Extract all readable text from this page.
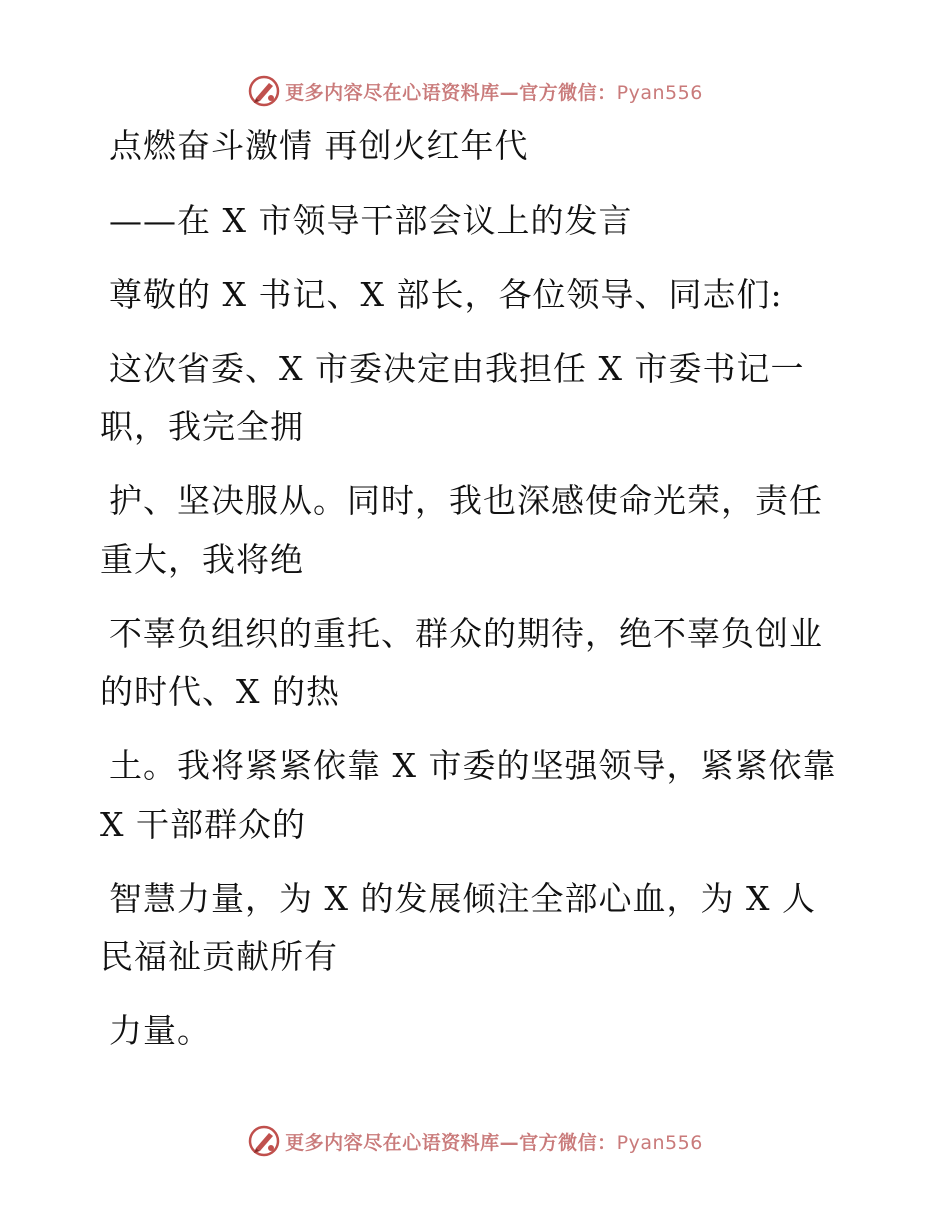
更多内容尽在心语资料库—官方微信：Pyan556
点燃奋斗激情 再创火红年代
——在 X 市领导干部会议上的发言
尊敬的 X 书记、X 部长，各位领导、同志们:
这次省委、X 市委决定由我担任 X 市委书记一
职，我完全拥
护、坚决服从。同时，我也深感使命光荣，责任
重大，我将绝
不辜负组织的重托、群众的期待，绝不辜负创业
的时代、X 的热
土。我将紧紧依靠 X 市委的坚强领导，紧紧依靠
X 干部群众的
智慧力量，为 X 的发展倾注全部心血，为 X 人
民福祉贡献所有
力量。
更多内容尽在心语资料库—官方微信：Pyan556
